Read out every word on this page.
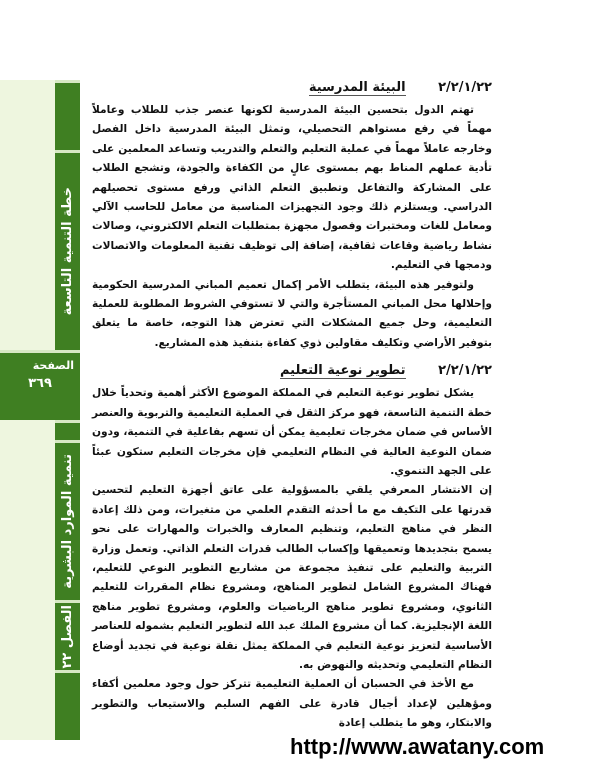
خطة التنمية التاسعة
الصفحة
٣٦٩
تنمية الموارد البشرية
الفصل ٢٢
٢/٢/١/٢٢ البيئة المدرسية

تهتم الدول بتحسين البيئة المدرسية لكونها عنصر جذب للطلاب وعاملاً مهماً في رفع مستواهم التحصيلي، وتمثل البيئة المدرسية داخل الفصل وخارجه عاملاً مهماً في عملية التعليم والتعلم والتدريب وتساعد المعلمين على تأدية عملهم المناط بهم بمستوى عالٍ من الكفاءة والجودة، وتشجع الطلاب على المشاركة والتفاعل وتطبيق التعلم الذاتي ورفع مستوى تحصيلهم الدراسي. ويستلزم ذلك وجود التجهيزات المناسبة من معامل للحاسب الآلي ومعامل للغات ومختبرات وفصول مجهزة بمتطلبات التعلم الالكتروني، وصالات نشاط رياضية وقاعات ثقافية، إضافة إلى توظيف تقنية المعلومات والاتصالات ودمجها في التعليم.

ولتوفير هذه البيئة، يتطلب الأمر إكمال تعميم المباني المدرسية الحكومية وإحلالها محل المباني المستأجرة والتي لا تستوفي الشروط المطلوبة للعملية التعليمية، وحل جميع المشكلات التي تعترض هذا التوجه، خاصة ما يتعلق بتوفير الأراضي وتكليف مقاولين ذوي كفاءة بتنفيذ هذه المشاريع.

٢/٢/١/٢٢ تطوير نوعية التعليم

يشكل تطوير نوعية التعليم في المملكة الموضوع الأكثر أهمية وتحدياً خلال خطة التنمية التاسعة، فهو مركز الثقل في العملية التعليمية والتربوية والعنصر الأساس في ضمان مخرجات تعليمية يمكن أن تسهم بفاعلية في التنمية، ودون ضمان النوعية العالية في النظام التعليمي فإن مخرجات التعليم ستكون عبئاً على الجهد التنموي.

إن الانتشار المعرفي يلقي بالمسؤولية على عاتق أجهزة التعليم لتحسين قدرتها على التكيف مع ما أحدثه التقدم العلمي من متغيرات، ومن ذلك إعادة النظر في مناهج التعليم، وتنظيم المعارف والخبرات والمهارات على نحو يسمح بتجديدها وتعميقها وإكساب الطالب قدرات التعلم الذاتي. وتعمل وزارة التربية والتعليم على تنفيذ مجموعة من مشاريع التطوير النوعي للتعليم، فهناك المشروع الشامل لتطوير المناهج، ومشروع نظام المقررات للتعليم الثانوي، ومشروع تطوير مناهج الرياضيات والعلوم، ومشروع تطوير مناهج اللغة الإنجليزية. كما أن مشروع الملك عبد الله لتطوير التعليم بشموله للعناصر الأساسية لتعزيز نوعية التعليم في المملكة يمثل نقلة نوعية في تجديد أوضاع النظام التعليمي وتحديثه والنهوض به.

مع الأخذ في الحسبان أن العملية التعليمية تتركز حول وجود معلمين أكفاء ومؤهلين لإعداد أجيال قادرة على الفهم السليم والاستيعاب والتطوير والابتكار، وهو ما يتطلب إعادة

http://www.awatany.com
